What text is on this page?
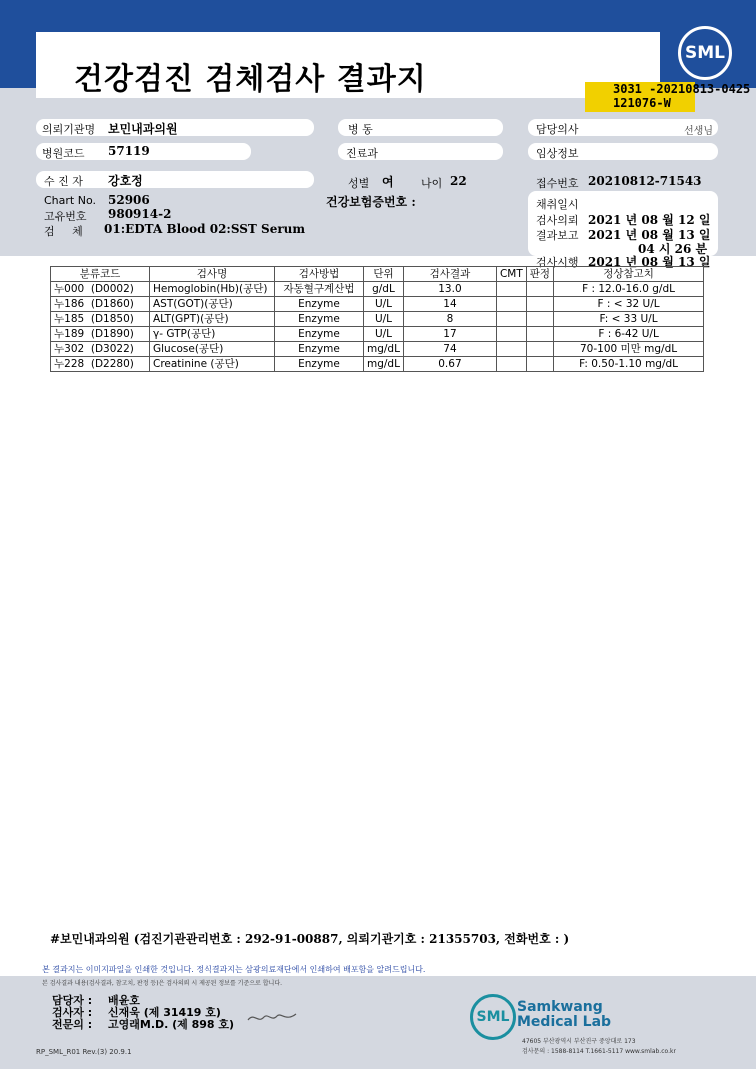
건강검진 검체검사 결과지
SML
3031 -20210813-0425
121076-W
의뢰기관명 보민내과의원
병원코드 57119
수 진 자 강호정
Chart No. 52906
고유번호 980914-2
검     체 01:EDTA Blood 02:SST Serum
병 동
진료과
성별 여 나이 22
건강보험증번호 :
담당의사	선생님
임상정보
접수번호 20210812-71543
채취일시
검사의뢰 2021 년 08 월 12 일
결과보고 2021 년 08 월 13 일
04 시 26 분
검사시행 2021 년 08 월 13 일
분류코드	검사명	검사방법	단위	검사결과	CMT	판정	정상참고치
누000 (D0002)	Hemoglobin(Hb)(공단)	자동혈구계산법	g/dL	13.0			F : 12.0-16.0 g/dL
누186 (D1860)	AST(GOT)(공단)	Enzyme	U/L	14			F : < 32 U/L
누185 (D1850)	ALT(GPT)(공단)	Enzyme	U/L	8			F: < 33 U/L
누189 (D1890)	γ- GTP(공단)	Enzyme	U/L	17			F : 6-42 U/L
누302 (D3022)	Glucose(공단)	Enzyme	mg/dL	74			70-100 미만 mg/dL
누228 (D2280)	Creatinine (공단)	Enzyme	mg/dL	0.67			F: 0.50-1.10 mg/dL
#보민내과의원 (검진기관관리번호 : 292-91-00887, 의뢰기관기호 : 21355703, 전화번호 : )
본 결과지는 이미지파일을 인쇄한 것입니다. 정식결과지는 삼광의료재단에서 인쇄하여 배포함을 알려드립니다.
본 검사결과 내용(검사결과, 참고치, 판정 등)은 검사의뢰 시 제공된 정보를 기준으로 합니다.
담당자 : 배윤호
검사자 : 신재욱 (제 31419 호)
전문의 : 고영래M.D. (제 898 호)	SML
Samkwang
Medical Lab
47605 부산광역시 부산진구 중앙대로 173
검사문의 : 1588-8114 T.1661-5117 www.smlab.co.kr
RP_SML_R01 Rev.(3) 20.9.1
